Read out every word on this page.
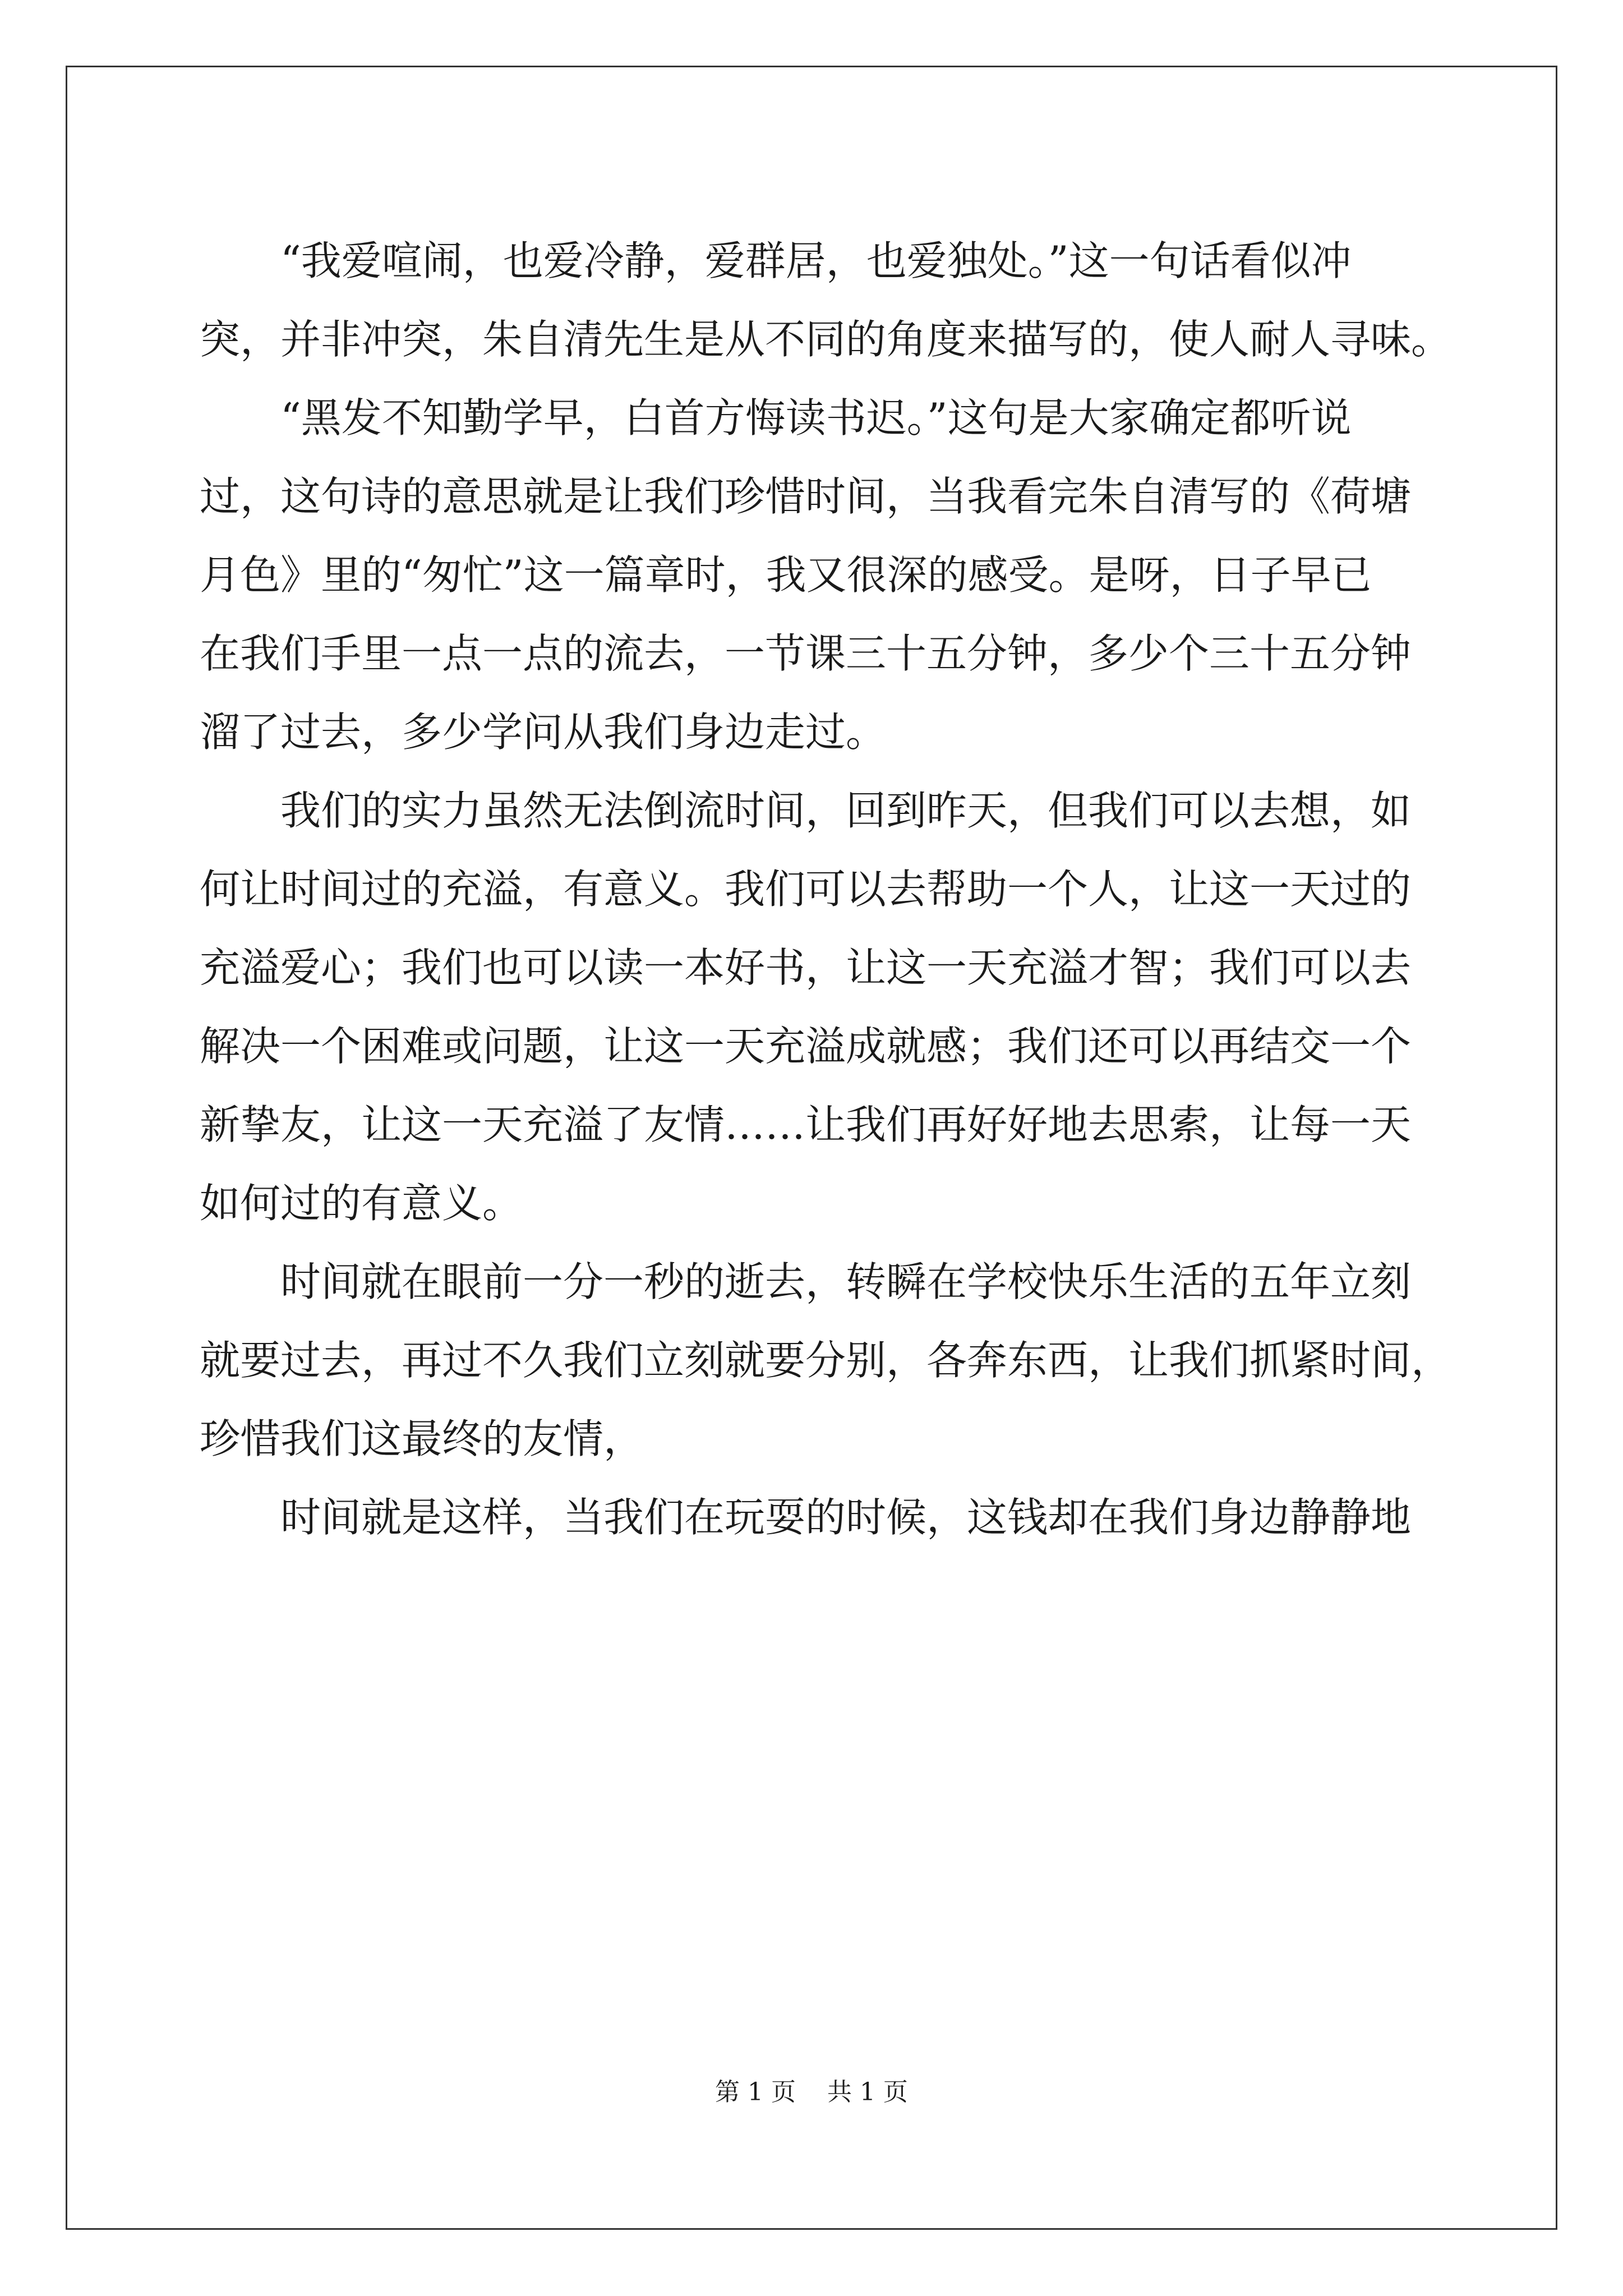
“我爱喧闹，也爱冷静，爱群居，也爱独处。”这一句话看似冲
突，并非冲突，朱自清先生是从不同的角度来描写的，使人耐人寻味。
“黑发不知勤学早，白首方悔读书迟。”这句是大家确定都听说
过，这句诗的意思就是让我们珍惜时间，当我看完朱自清写的《荷塘
月色》里的“匆忙”这一篇章时，我又很深的感受。是呀，日子早已
在我们手里一点一点的流去，一节课三十五分钟，多少个三十五分钟
溜了过去，多少学问从我们身边走过。
我们的实力虽然无法倒流时间，回到昨天，但我们可以去想，如
何让时间过的充溢，有意义。我们可以去帮助一个人，让这一天过的
充溢爱心；我们也可以读一本好书，让这一天充溢才智；我们可以去
解决一个困难或问题，让这一天充溢成就感；我们还可以再结交一个
新挚友，让这一天充溢了友情……让我们再好好地去思索，让每一天
如何过的有意义。
时间就在眼前一分一秒的逝去，转瞬在学校快乐生活的五年立刻
就要过去，再过不久我们立刻就要分别，各奔东西，让我们抓紧时间，
珍惜我们这最终的友情，
时间就是这样，当我们在玩耍的时候，这钱却在我们身边静静地
第 1 页    共 1 页
